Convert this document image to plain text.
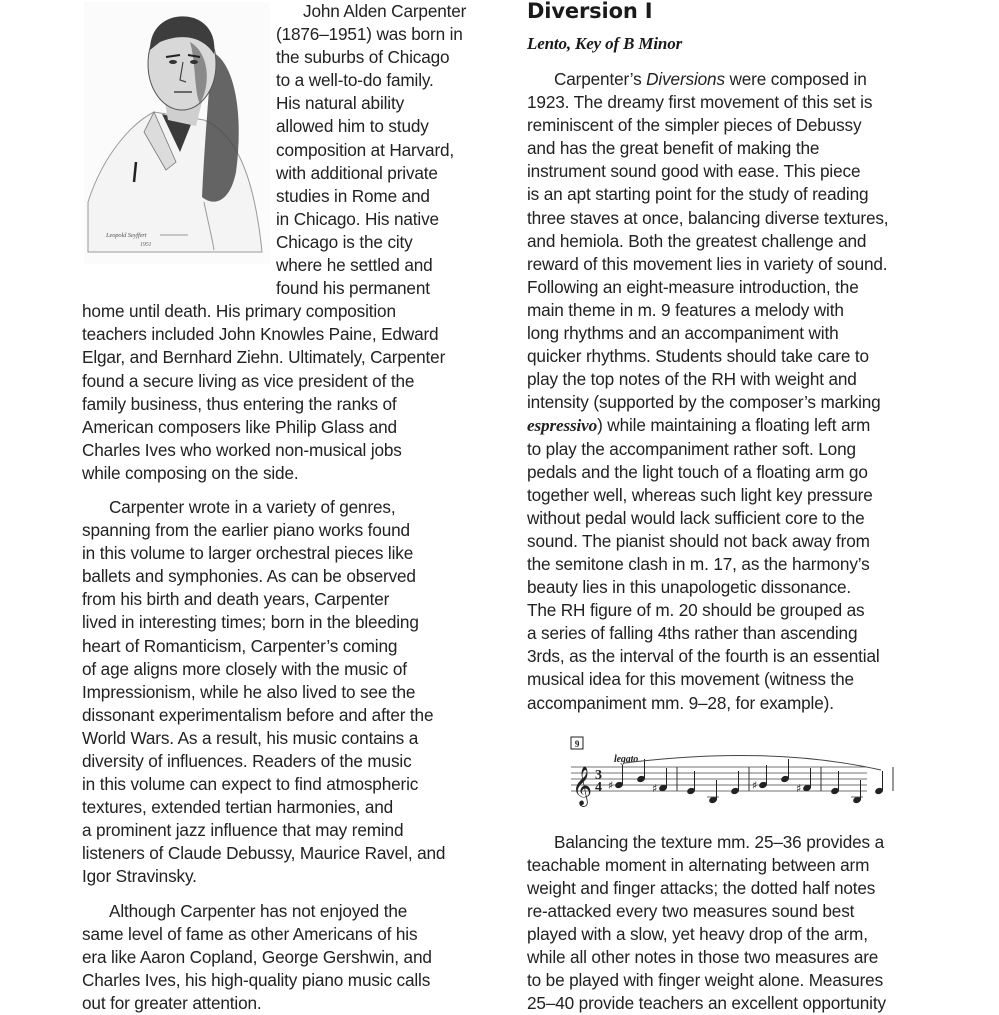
Leopold Seyffert
1951

John Alden Carpenter
(1876–1951) was born in
the suburbs of Chicago
to a well-to-do family.
His natural ability
allowed him to study
composition at Harvard,
with additional private
studies in Rome and
in Chicago. His native
Chicago is the city
where he settled and
found his permanent
home until death. His primary composition
teachers included John Knowles Paine, Edward
Elgar, and Bernhard Ziehn. Ultimately, Carpenter
found a secure living as vice president of the
family business, thus entering the ranks of
American composers like Philip Glass and
Charles Ives who worked non-musical jobs
while composing on the side.

Carpenter wrote in a variety of genres,
spanning from the earlier piano works found
in this volume to larger orchestral pieces like
ballets and symphonies. As can be observed
from his birth and death years, Carpenter
lived in interesting times; born in the bleeding
heart of Romanticism, Carpenter’s coming
of age aligns more closely with the music of
Impressionism, while he also lived to see the
dissonant experimentalism before and after the
World Wars. As a result, his music contains a
diversity of influences. Readers of the music
in this volume can expect to find atmospheric
textures, extended tertian harmonies, and
a prominent jazz influence that may remind
listeners of Claude Debussy, Maurice Ravel, and
Igor Stravinsky.

Although Carpenter has not enjoyed the
same level of fame as other Americans of his
era like Aaron Copland, George Gershwin, and
Charles Ives, his high-quality piano music calls
out for greater attention.

Diversion I
Lento, Key of B Minor

Carpenter’s Diversions were composed in
1923. The dreamy first movement of this set is
reminiscent of the simpler pieces of Debussy
and has the great benefit of making the
instrument sound good with ease. This piece
is an apt starting point for the study of reading
three staves at once, balancing diverse textures,
and hemiola. Both the greatest challenge and
reward of this movement lies in variety of sound.
Following an eight-measure introduction, the
main theme in m. 9 features a melody with
long rhythms and an accompaniment with
quicker rhythms. Students should take care to
play the top notes of the RH with weight and
intensity (supported by the composer’s marking
espressivo) while maintaining a floating left arm
to play the accompaniment rather soft. Long
pedals and the light touch of a floating arm go
together well, whereas such light key pressure
without pedal would lack sufficient core to the
sound. The pianist should not back away from
the semitone clash in m. 17, as the harmony’s
beauty lies in this unapologetic dissonance.
The RH figure of m. 20 should be grouped as
a series of falling 4ths rather than ascending
3rds, as the interval of the fourth is an essential
musical idea for this movement (witness the
accompaniment mm. 9–28, for example).

9
legato
𝄞 3
4 ♯	♯	♯	♯

Balancing the texture mm. 25–36 provides a
teachable moment in alternating between arm
weight and finger attacks; the dotted half notes
re-attacked every two measures sound best
played with a slow, yet heavy drop of the arm,
while all other notes in those two measures are
to be played with finger weight alone. Measures
25–40 provide teachers an excellent opportunity
